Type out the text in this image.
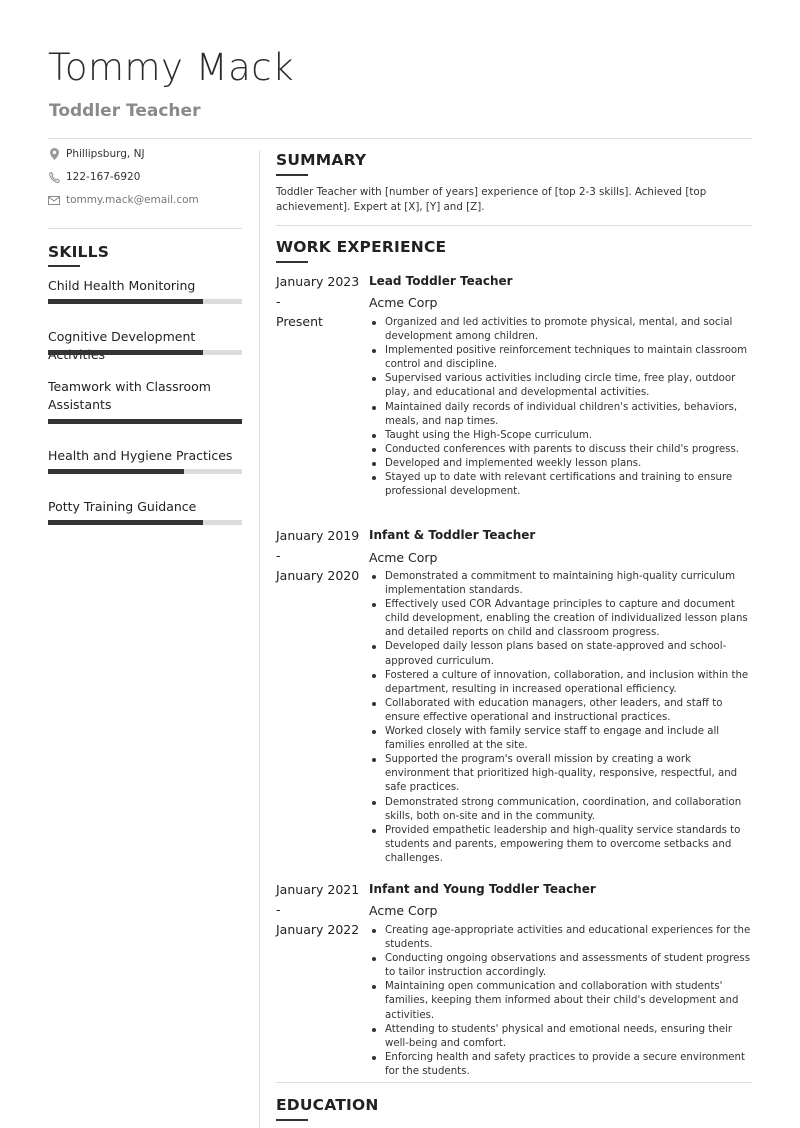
Tommy Mack
Toddler Teacher
Phillipsburg, NJ
122-167-6920
tommy.mack@email.com
SKILLS
Child Health Monitoring
Cognitive Development
Teamwork with Classroom Assistants
Health and Hygiene Practices
Potty Training Guidance
SUMMARY
Toddler Teacher with [number of years] experience of [top 2-3 skills]. Achieved [top achievement]. Expert at [X], [Y] and [Z].
WORK EXPERIENCE
January 2023 -
Present
Lead Toddler Teacher
Acme Corp
Organized and led activities to promote physical, mental, and social development among children.
Implemented positive reinforcement techniques to maintain classroom control and discipline.
Supervised various activities including circle time, free play, outdoor play, and educational and developmental activities.
Maintained daily records of individual children's activities, behaviors, meals, and nap times.
Taught using the High-Scope curriculum.
Conducted conferences with parents to discuss their child's progress.
Developed and implemented weekly lesson plans.
Stayed up to date with relevant certifications and training to ensure professional development.
January 2019 -
January 2020
Infant & Toddler Teacher
Acme Corp
Demonstrated a commitment to maintaining high-quality curriculum implementation standards.
Effectively used COR Advantage principles to capture and document child development, enabling the creation of individualized lesson plans and detailed reports on child and classroom progress.
Developed daily lesson plans based on state-approved and school-approved curriculum.
Fostered a culture of innovation, collaboration, and inclusion within the department, resulting in increased operational efficiency.
Collaborated with education managers, other leaders, and staff to ensure effective operational and instructional practices.
Worked closely with family service staff to engage and include all families enrolled at the site.
Supported the program's overall mission by creating a work environment that prioritized high-quality, responsive, respectful, and safe practices.
Demonstrated strong communication, coordination, and collaboration skills, both on-site and in the community.
Provided empathetic leadership and high-quality service standards to students and parents, empowering them to overcome setbacks and challenges.
January 2021 -
January 2022
Infant and Young Toddler Teacher
Acme Corp
Creating age-appropriate activities and educational experiences for the students.
Conducting ongoing observations and assessments of student progress to tailor instruction accordingly.
Maintaining open communication and collaboration with students' families, keeping them informed about their child's development and activities.
Attending to students' physical and emotional needs, ensuring their well-being and comfort.
Enforcing health and safety practices to provide a secure environment for the students.
EDUCATION
